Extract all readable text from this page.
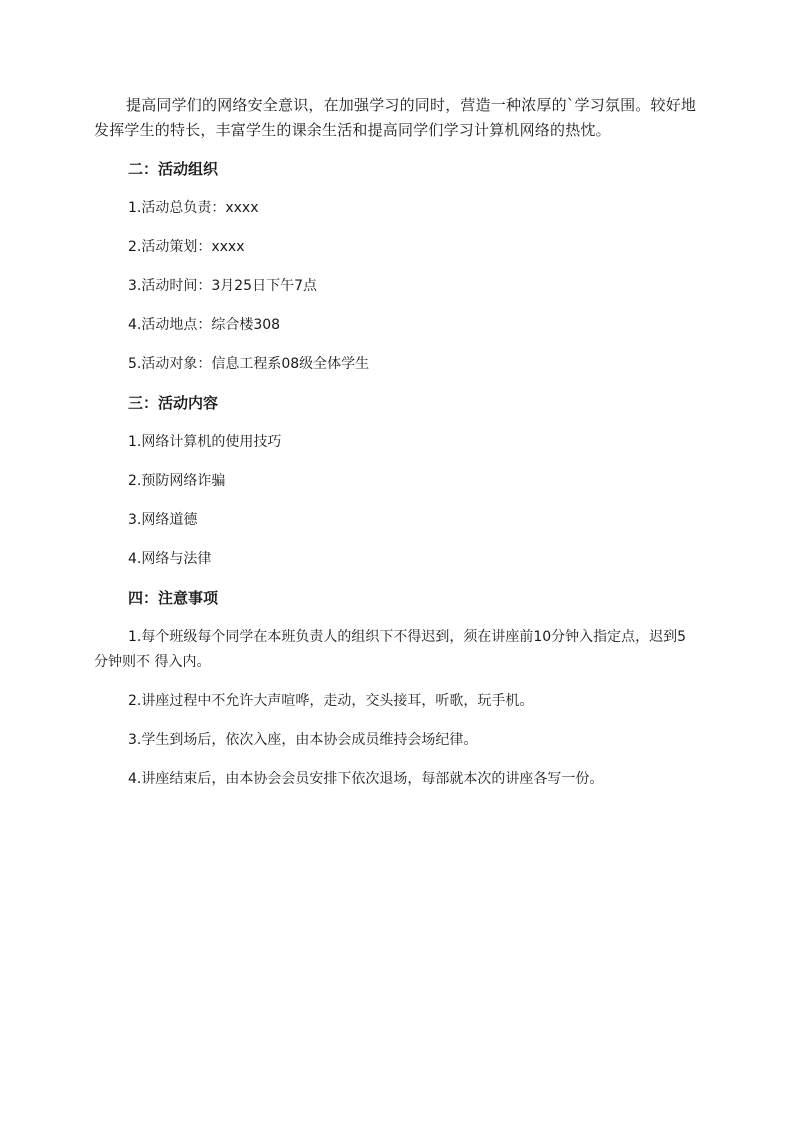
提高同学们的网络安全意识，在加强学习的同时，营造一种浓厚的`学习氛围。较好地发挥学生的特长，丰富学生的课余生活和提高同学们学习计算机网络的热忱。

二：活动组织

1.活动总负责：xxxx

2.活动策划：xxxx

3.活动时间：3月25日下午7点

4.活动地点：综合楼308

5.活动对象：信息工程系08级全体学生

三：活动内容

1.网络计算机的使用技巧

2.预防网络诈骗

3.网络道德

4.网络与法律

四：注意事项

1.每个班级每个同学在本班负责人的组织下不得迟到，须在讲座前10分钟入指定点，迟到5分钟则不 得入内。

2.讲座过程中不允许大声喧哗，走动，交头接耳，听歌，玩手机。

3.学生到场后，依次入座，由本协会成员维持会场纪律。

4.讲座结束后，由本协会会员安排下依次退场，每部就本次的讲座各写一份。
